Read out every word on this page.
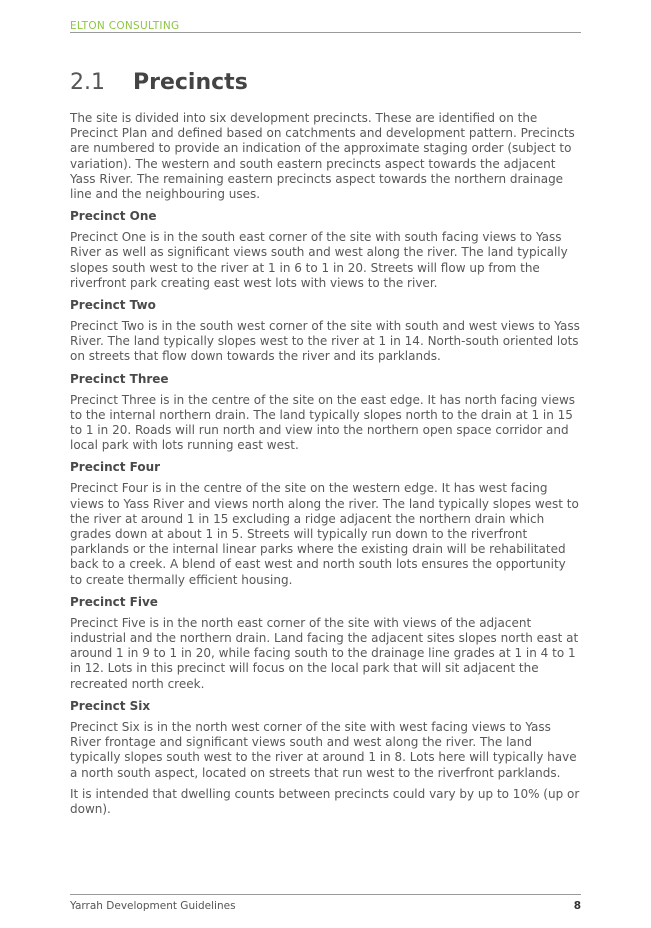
ELTON CONSULTING
2.1 Precincts

The site is divided into six development precincts. These are identified on the Precinct Plan and defined based on catchments and development pattern. Precincts are numbered to provide an indication of the approximate staging order (subject to variation). The western and south eastern precincts aspect towards the adjacent Yass River. The remaining eastern precincts aspect towards the northern drainage line and the neighbouring uses.

Precinct One

Precinct One is in the south east corner of the site with south facing views to Yass River as well as significant views south and west along the river. The land typically slopes south west to the river at 1 in 6 to 1 in 20. Streets will flow up from the riverfront park creating east west lots with views to the river.

Precinct Two

Precinct Two is in the south west corner of the site with south and west views to Yass River. The land typically slopes west to the river at 1 in 14. North-south oriented lots on streets that flow down towards the river and its parklands.

Precinct Three

Precinct Three is in the centre of the site on the east edge. It has north facing views to the internal northern drain. The land typically slopes north to the drain at 1 in 15 to 1 in 20. Roads will run north and view into the northern open space corridor and local park with lots running east west.

Precinct Four

Precinct Four is in the centre of the site on the western edge. It has west facing views to Yass River and views north along the river. The land typically slopes west to the river at around 1 in 15 excluding a ridge adjacent the northern drain which grades down at about 1 in 5. Streets will typically run down to the riverfront parklands or the internal linear parks where the existing drain will be rehabilitated back to a creek. A blend of east west and north south lots ensures the opportunity to create thermally efficient housing.

Precinct Five

Precinct Five is in the north east corner of the site with views of the adjacent industrial and the northern drain. Land facing the adjacent sites slopes north east at around 1 in 9 to 1 in 20, while facing south to the drainage line grades at 1 in 4 to 1 in 12. Lots in this precinct will focus on the local park that will sit adjacent the recreated north creek.

Precinct Six

Precinct Six is in the north west corner of the site with west facing views to Yass River frontage and significant views south and west along the river. The land typically slopes south west to the river at around 1 in 8. Lots here will typically have a north south aspect, located on streets that run west to the riverfront parklands.

It is intended that dwelling counts between precincts could vary by up to 10% (up or down).

Yarrah Development Guidelines	8
